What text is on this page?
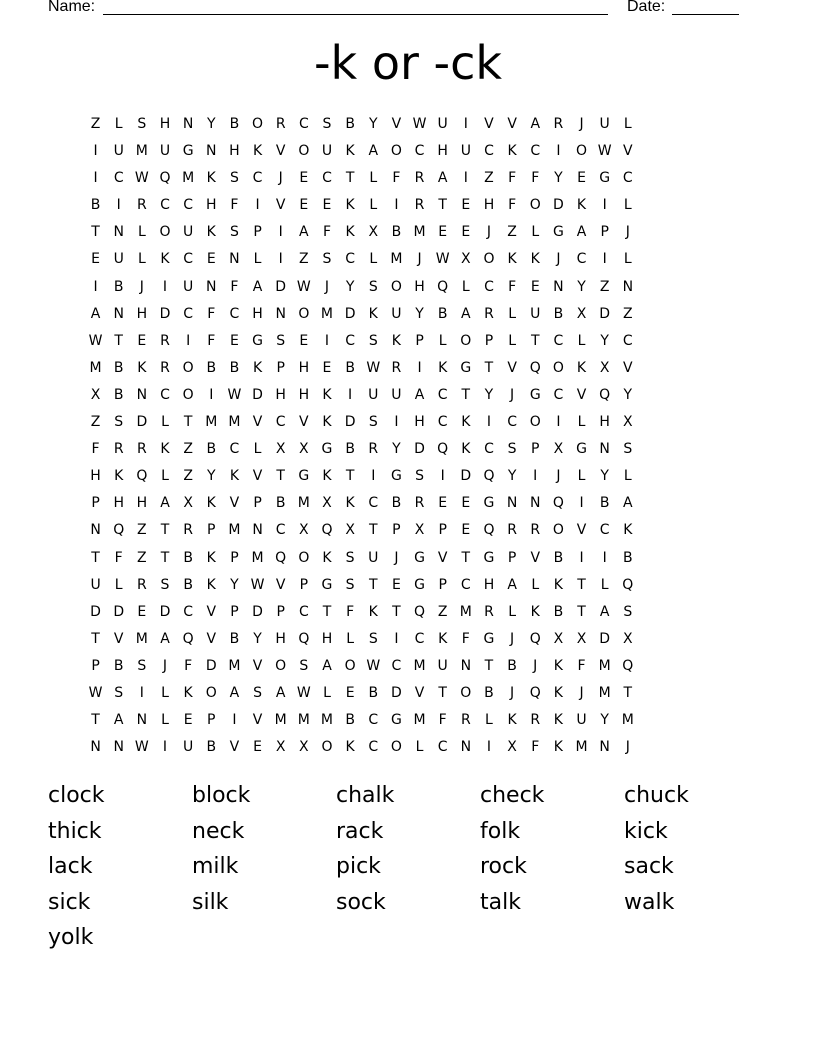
Name:	Date:
-k or -ck
Z	L	S H N Y	B O R C S B	Y	V W U	I	V V A R	J	U	L
I	U M U G N H K V O U K A O C H U C K C	I	O W V
I	C W Q M K	S C	J	E C T	L	F	R A	I	Z	F	F	Y	E G C
B	I	R C C H F	I	V E	E	K	L	I	R T	E H F O D K	I	L
T N L O U K	S	P	I	A	F	K X B M E	E	J	Z	L G A	P	J
E U	L	K C E N L	I	Z S C	L M	J	W X O K K	J	C	I	L
I	B	J	I	U N F	A D W	J	Y	S O H Q L	C	F	E N Y	Z N
A N H D C	F	C H N O M D K U Y	B A R	L	U B X D Z
W T	E R	I	F	E G S	E	I	C S	K	P	L O P	L	T C	L	Y C
M B K R O B B K	P H E B W R	I	K G T	V Q O K X V
X B N C O	I	W D H H K	I	U U A C T	Y	J	G C V Q Y
Z S D L	T M M V C V K D S	I	H C K	I	C O	I	L H X
F	R R K Z B C	L	X X G B R Y D Q K C S	P	X G N S
H K Q L	Z	Y	K V	T G K	T	I	G S	I	D Q Y	I	J	L	Y	L
P H H A X K V	P	B M X K C B R E	E G N N Q	I	B A
N Q Z	T	R	P M N C X Q X	T	P	X	P	E Q R R O V C K
T	F	Z	T	B K	P M Q O K	S U	J	G V	T G P	V B	I	I	B
U	L	R S B K	Y W V	P G S	T	E G P	C H A	L	K	T	L Q
D D E D C V	P D P	C T	F	K	T Q Z M R	L	K B	T	A S
T	V M A Q V B	Y H Q H L	S	I	C K	F G	J	Q X X D X
P	B S	J	F D M V O S A O W C M U N T	B	J	K	F M Q
W S	I	L	K O A S A W L	E B D V	T O B	J	Q K	J	M T
T	A N L	E	P	I	V M M M B C G M F	R	L	K R K U Y M
N N W	I	U B V E X X O K C O L	C N	I	X	F	K M N	J
clock	block	chalk	check	chuck
thick	neck	rack	folk	kick
lack	milk	pick	rock	sack
sick	silk	sock	talk	walk
yolk
